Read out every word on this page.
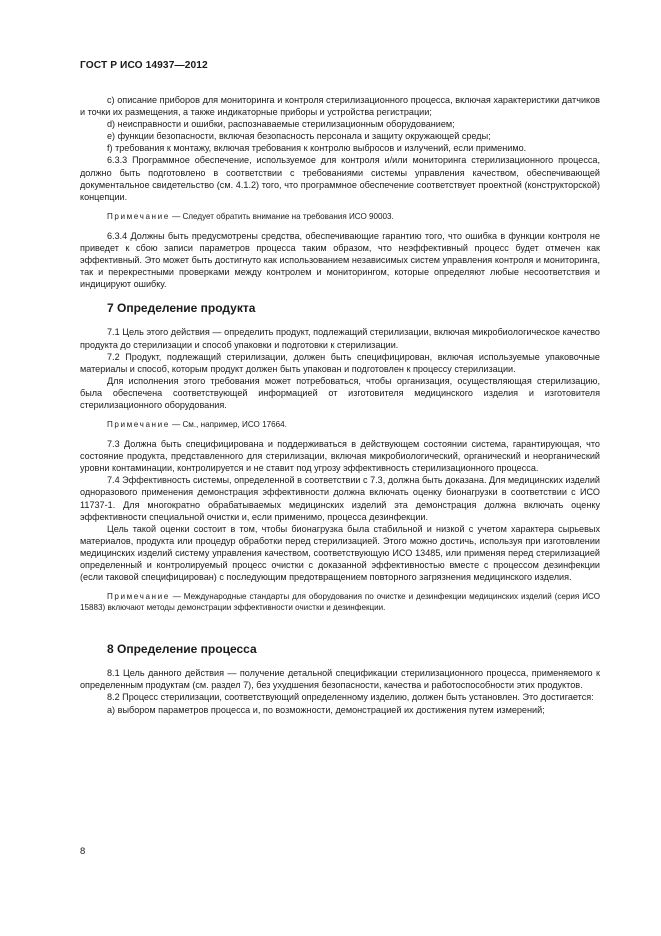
ГОСТ Р ИСО 14937—2012

с) описание приборов для мониторинга и контроля стерилизационного процесса, включая характеристики датчиков и точки их размещения, а также индикаторные приборы и устройства регистрации;

d) неисправности и ошибки, распознаваемые стерилизационным оборудованием;

e) функции безопасности, включая безопасность персонала и защиту окружающей среды;

f) требования к монтажу, включая требования к контролю выбросов и излучений, если применимо.

6.3.3 Программное обеспечение, используемое для контроля и/или мониторинга стерилизационного процесса, должно быть подготовлено в соответствии с требованиями системы управления качеством, обеспечивающей документальное свидетельство (см. 4.1.2) того, что программное обеспечение соответствует проектной (конструкторской) концепции.

Примечание — Следует обратить внимание на требования ИСО 90003.

6.3.4 Должны быть предусмотрены средства, обеспечивающие гарантию того, что ошибка в функции контроля не приведет к сбою записи параметров процесса таким образом, что неэффективный процесс будет отмечен как эффективный. Это может быть достигнуто как использованием независимых систем управления контроля и мониторинга, так и перекрестными проверками между контролем и мониторингом, которые определяют любые несоответствия и индицируют ошибку.

7 Определение продукта

7.1 Цель этого действия — определить продукт, подлежащий стерилизации, включая микробиологическое качество продукта до стерилизации и способ упаковки и подготовки к стерилизации.

7.2 Продукт, подлежащий стерилизации, должен быть специфицирован, включая используемые упаковочные материалы и способ, которым продукт должен быть упакован и подготовлен к процессу стерилизации.

Для исполнения этого требования может потребоваться, чтобы организация, осуществляющая стерилизацию, была обеспечена соответствующей информацией от изготовителя медицинского изделия и изготовителя стерилизационного оборудования.

Примечание — См., например, ИСО 17664.

7.3 Должна быть специфицирована и поддерживаться в действующем состоянии система, гарантирующая, что состояние продукта, представленного для стерилизации, включая микробиологический, органический и неорганический уровни контаминации, контролируется и не ставит под угрозу эффективность стерилизационного процесса.

7.4 Эффективность системы, определенной в соответствии с 7.3, должна быть доказана. Для медицинских изделий одноразового применения демонстрация эффективности должна включать оценку бионагрузки в соответствии с ИСО 11737-1. Для многократно обрабатываемых медицинских изделий эта демонстрация должна включать оценку эффективности специальной очистки и, если применимо, процесса дезинфекции.

Цель такой оценки состоит в том, чтобы бионагрузка была стабильной и низкой с учетом характера сырьевых материалов, продукта или процедур обработки перед стерилизацией. Этого можно достичь, используя при изготовлении медицинских изделий систему управления качеством, соответствующую ИСО 13485, или применяя перед стерилизацией определенный и контролируемый процесс очистки с доказанной эффективностью вместе с процессом дезинфекции (если таковой специфицирован) с последующим предотвращением повторного загрязнения медицинского изделия.

Примечание — Международные стандарты для оборудования по очистке и дезинфекции медицинских изделий (серия ИСО 15883) включают методы демонстрации эффективности очистки и дезинфекции.

8 Определение процесса

8.1 Цель данного действия — получение детальной спецификации стерилизационного процесса, применяемого к определенным продуктам (см. раздел 7), без ухудшения безопасности, качества и работоспособности этих продуктов.

8.2 Процесс стерилизации, соответствующий определенному изделию, должен быть установлен. Это достигается:

а) выбором параметров процесса и, по возможности, демонстрацией их достижения путем измерений;

8
